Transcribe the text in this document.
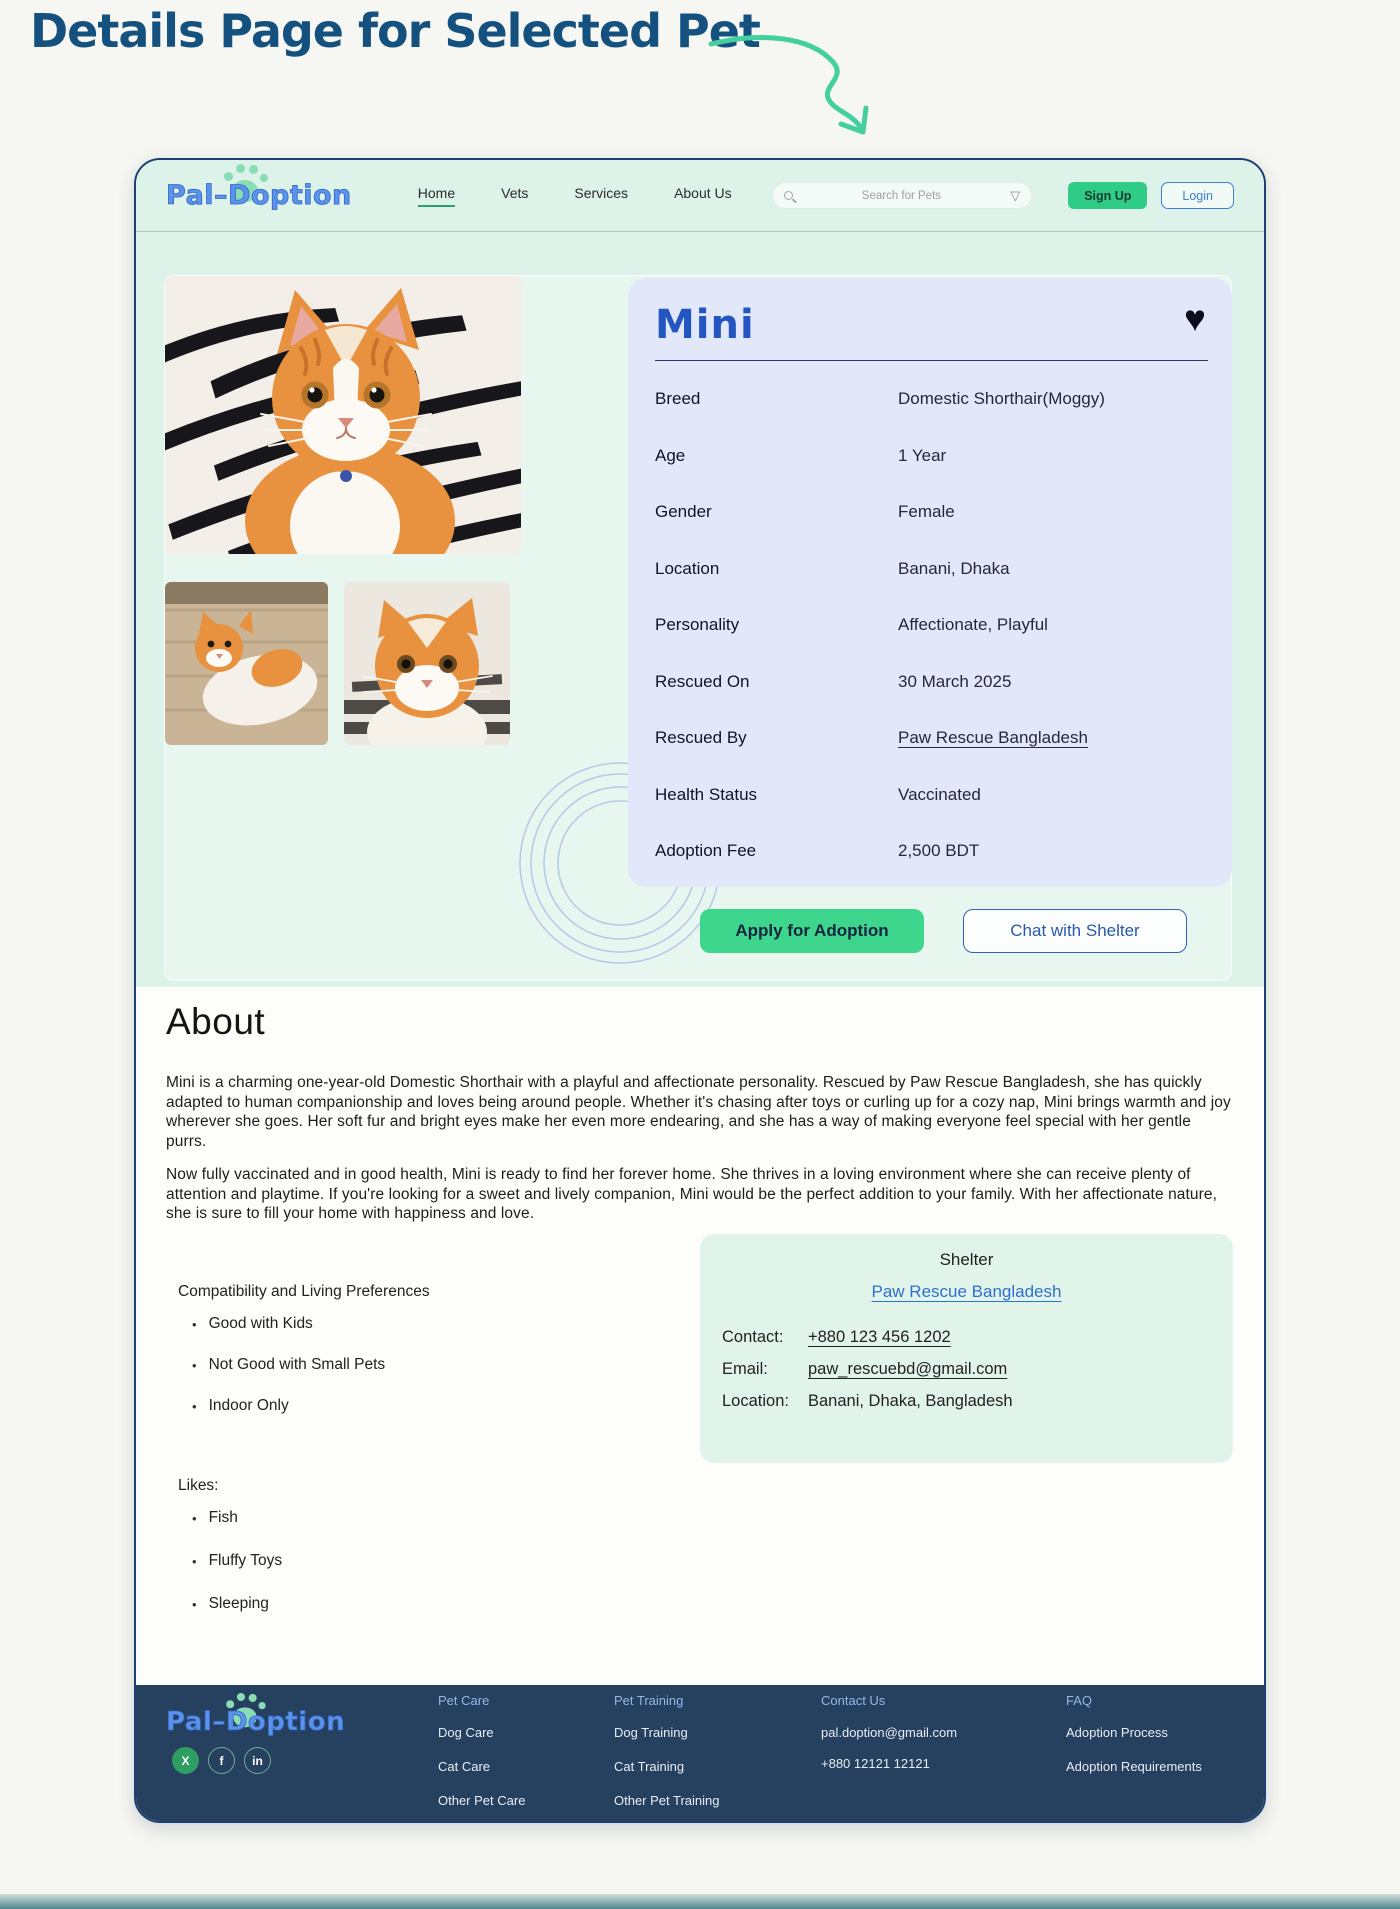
Details Page for Selected Pet
Pal–Doption	Home	Vets	Services	About Us
Search for Pets	▽	Sign Up	Login
Mini	♥
Breed	Domestic Shorthair(Moggy)
Age	1 Year
Gender	Female
Location	Banani, Dhaka
Personality	Affectionate, Playful
Rescued On	30 March 2025
Rescued By	Paw Rescue Bangladesh
Health Status	Vaccinated
Adoption Fee	2,500 BDT
Apply for Adoption	Chat with Shelter
About

Mini is a charming one-year-old Domestic Shorthair with a playful and affectionate personality. Rescued by Paw Rescue Bangladesh, she has quickly adapted to human companionship and loves being around people. Whether it's chasing after toys or curling up for a cozy nap, Mini brings warmth and joy wherever she goes. Her soft fur and bright eyes make her even more endearing, and she has a way of making everyone feel special with her gentle purrs.

Now fully vaccinated and in good health, Mini is ready to find her forever home. She thrives in a loving environment where she can receive plenty of attention and playtime. If you're looking for a sweet and lively companion, Mini would be the perfect addition to your family. With her affectionate nature, she is sure to fill your home with happiness and love.

Compatibility and Living Preferences
• Good with Kids
• Not Good with Small Pets
• Indoor Only
Shelter
Paw Rescue Bangladesh
Contact:	+880 123 456 1202
Email:	paw_rescuebd@gmail.com
Location:	Banani, Dhaka, Bangladesh
Likes:
• Fish
• Fluffy Toys
• Sleeping
Pal–Doption
X	f	in
Pet Care
Dog Care
Cat Care
Other Pet Care
Pet Training
Dog Training
Cat Training
Other Pet Training
Contact Us
pal.doption@gmail.com
+880 12121 12121
FAQ
Adoption Process
Adoption Requirements
